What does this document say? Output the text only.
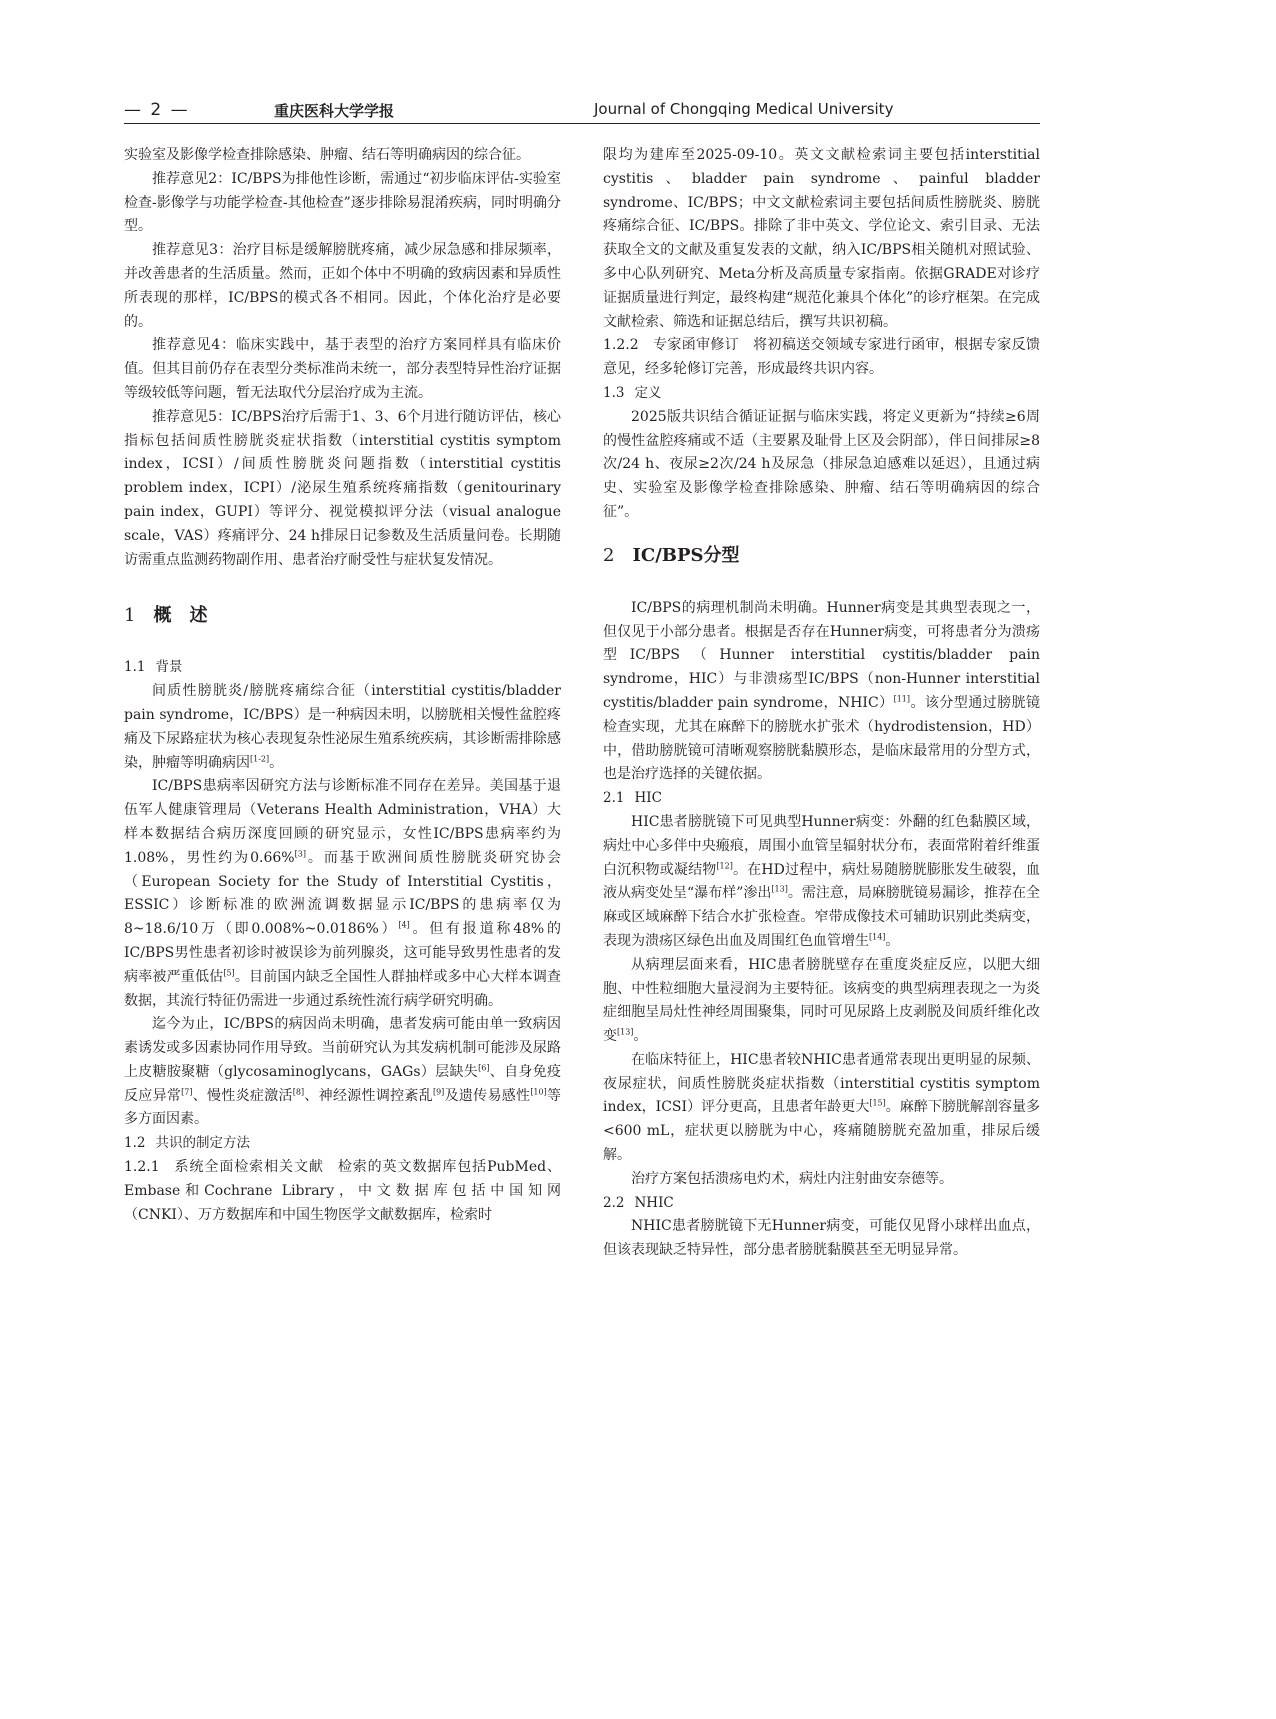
— 2 —	重庆医科大学学报	Journal of Chongqing Medical University

实验室及影像学检查排除感染、肿瘤、结石等明确病因的综合征。

推荐意见2：IC/BPS为排他性诊断，需通过“初步临床评估-实验室检查-影像学与功能学检查-其他检查”逐步排除易混淆疾病，同时明确分型。

推荐意见3：治疗目标是缓解膀胱疼痛，减少尿急感和排尿频率，并改善患者的生活质量。然而，正如个体中不明确的致病因素和异质性所表现的那样，IC/BPS的模式各不相同。因此，个体化治疗是必要的。

推荐意见4：临床实践中，基于表型的治疗方案同样具有临床价值。但其目前仍存在表型分类标准尚未统一，部分表型特异性治疗证据等级较低等问题，暂无法取代分层治疗成为主流。

推荐意见5：IC/BPS治疗后需于1、3、6个月进行随访评估，核心指标包括间质性膀胱炎症状指数（interstitial cystitis symptom index，ICSI）/间质性膀胱炎问题指数（interstitial cystitis problem index，ICPI）/泌尿生殖系统疼痛指数（genitourinary pain index，GUPI）等评分、视觉模拟评分法（visual analogue scale，VAS）疼痛评分、24 h排尿日记参数及生活质量问卷。长期随访需重点监测药物副作用、患者治疗耐受性与症状复发情况。

1 概　述

1.1 背景

间质性膀胱炎/膀胱疼痛综合征（interstitial cystitis/bladder pain syndrome，IC/BPS）是一种病因未明，以膀胱相关慢性盆腔疼痛及下尿路症状为核心表现复杂性泌尿生殖系统疾病，其诊断需排除感染，肿瘤等明确病因[1-2]。

IC/BPS患病率因研究方法与诊断标准不同存在差异。美国基于退伍军人健康管理局（Veterans Health Administration，VHA）大样本数据结合病历深度回顾的研究显示，女性IC/BPS患病率约为1.08%，男性约为0.66%[3]。而基于欧洲间质性膀胱炎研究协会（European Society for the Study of Interstitial Cystitis，ESSIC）诊断标准的欧洲流调数据显示IC/BPS的患病率仅为8~18.6/10万（即0.008%~0.0186%）[4]。但有报道称48%的IC/BPS男性患者初诊时被误诊为前列腺炎，这可能导致男性患者的发病率被严重低估[5]。目前国内缺乏全国性人群抽样或多中心大样本调查数据，其流行特征仍需进一步通过系统性流行病学研究明确。

迄今为止，IC/BPS的病因尚未明确，患者发病可能由单一致病因素诱发或多因素协同作用导致。当前研究认为其发病机制可能涉及尿路上皮糖胺聚糖（glycosaminoglycans，GAGs）层缺失[6]、自身免疫反应异常[7]、慢性炎症激活[8]、神经源性调控紊乱[9]及遗传易感性[10]等多方面因素。

1.2 共识的制定方法

1.2.1 系统全面检索相关文献 检索的英文数据库包括PubMed、Embase和Cochrane Library，中文数据库包括中国知网（CNKI）、万方数据库和中国生物医学文献数据库，检索时

限均为建库至2025-09-10。英文文献检索词主要包括interstitial cystitis、bladder pain syndrome、painful bladder syndrome、IC/BPS；中文文献检索词主要包括间质性膀胱炎、膀胱疼痛综合征、IC/BPS。排除了非中英文、学位论文、索引目录、无法获取全文的文献及重复发表的文献，纳入IC/BPS相关随机对照试验、多中心队列研究、Meta分析及高质量专家指南。依据GRADE对诊疗证据质量进行判定，最终构建“规范化兼具个体化”的诊疗框架。在完成文献检索、筛选和证据总结后，撰写共识初稿。

1.2.2 专家函审修订 将初稿送交领域专家进行函审，根据专家反馈意见，经多轮修订完善，形成最终共识内容。

1.3 定义

2025版共识结合循证证据与临床实践，将定义更新为“持续≥6周的慢性盆腔疼痛或不适（主要累及耻骨上区及会阴部），伴日间排尿≥8次/24 h、夜尿≥2次/24 h及尿急（排尿急迫感难以延迟），且通过病史、实验室及影像学检查排除感染、肿瘤、结石等明确病因的综合征”。

2 IC/BPS分型

IC/BPS的病理机制尚未明确。Hunner病变是其典型表现之一，但仅见于小部分患者。根据是否存在Hunner病变，可将患者分为溃疡型IC/BPS（Hunner interstitial cystitis/bladder pain syndrome，HIC）与非溃疡型IC/BPS（non-Hunner interstitial cystitis/bladder pain syndrome，NHIC）[11]。该分型通过膀胱镜检查实现，尤其在麻醉下的膀胱水扩张术（hydrodistension，HD）中，借助膀胱镜可清晰观察膀胱黏膜形态，是临床最常用的分型方式，也是治疗选择的关键依据。

2.1 HIC

HIC患者膀胱镜下可见典型Hunner病变：外翻的红色黏膜区域，病灶中心多伴中央瘢痕，周围小血管呈辐射状分布，表面常附着纤维蛋白沉积物或凝结物[12]。在HD过程中，病灶易随膀胱膨胀发生破裂，血液从病变处呈“瀑布样”渗出[13]。需注意，局麻膀胱镜易漏诊，推荐在全麻或区域麻醉下结合水扩张检查。窄带成像技术可辅助识别此类病变，表现为溃疡区绿色出血及周围红色血管增生[14]。

从病理层面来看，HIC患者膀胱壁存在重度炎症反应，以肥大细胞、中性粒细胞大量浸润为主要特征。该病变的典型病理表现之一为炎症细胞呈局灶性神经周围聚集，同时可见尿路上皮剥脱及间质纤维化改变[13]。

在临床特征上，HIC患者较NHIC患者通常表现出更明显的尿频、夜尿症状，间质性膀胱炎症状指数（interstitial cystitis symptom index，ICSI）评分更高，且患者年龄更大[15]。麻醉下膀胱解剖容量多<600 mL，症状更以膀胱为中心，疼痛随膀胱充盈加重，排尿后缓解。

治疗方案包括溃疡电灼术，病灶内注射曲安奈德等。

2.2 NHIC

NHIC患者膀胱镜下无Hunner病变，可能仅见肾小球样出血点，但该表现缺乏特异性，部分患者膀胱黏膜甚至无明显异常。
